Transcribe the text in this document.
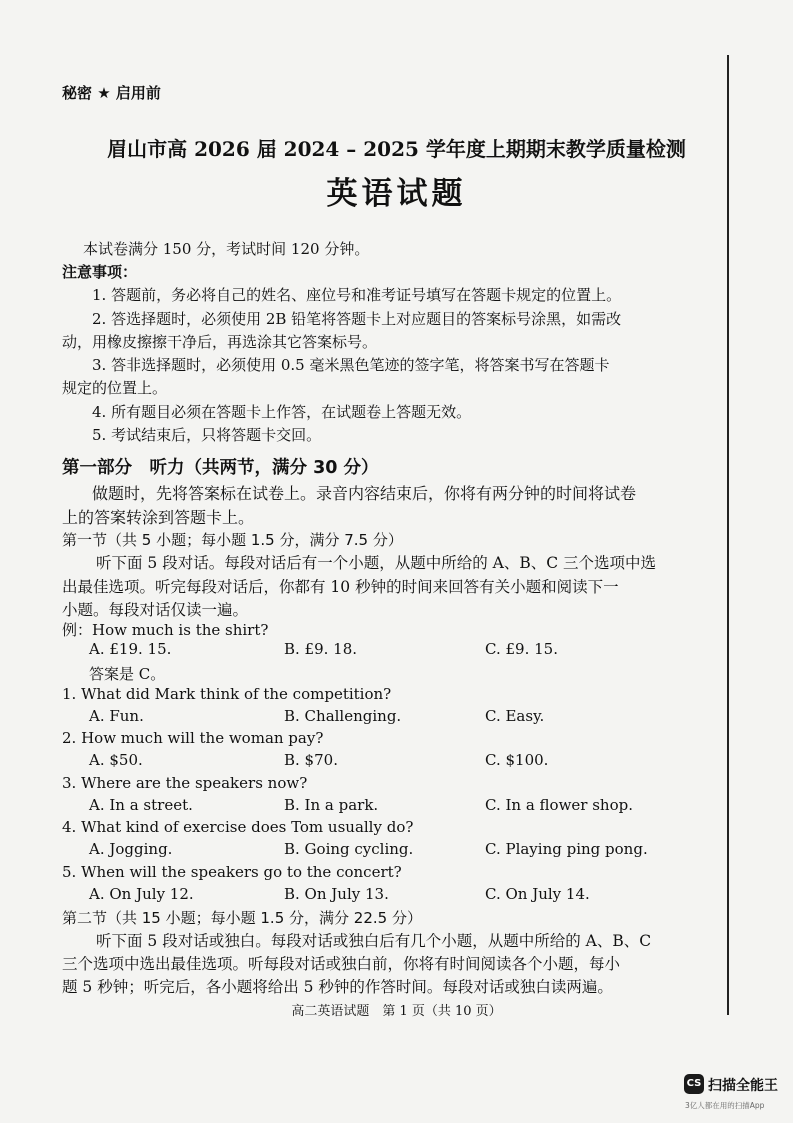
秘密 ★ 启用前
眉山市高 2026 届 2024 – 2025 学年度上期期末教学质量检测
英语试题
本试卷满分 150 分，考试时间 120 分钟。
注意事项：
1. 答题前，务必将自己的姓名、座位号和准考证号填写在答题卡规定的位置上。
2. 答选择题时，必须使用 2B 铅笔将答题卡上对应题目的答案标号涂黑，如需改
动，用橡皮擦擦干净后，再选涂其它答案标号。
3. 答非选择题时，必须使用 0.5 毫米黑色笔迹的签字笔，将答案书写在答题卡
规定的位置上。
4. 所有题目必须在答题卡上作答，在试题卷上答题无效。
5. 考试结束后，只将答题卡交回。
第一部分　听力（共两节，满分 30 分）
做题时，先将答案标在试卷上。录音内容结束后，你将有两分钟的时间将试卷
上的答案转涂到答题卡上。
第一节（共 5 小题；每小题 1.5 分，满分 7.5 分）
听下面 5 段对话。每段对话后有一个小题，从题中所给的 A、B、C 三个选项中选
出最佳选项。听完每段对话后，你都有 10 秒钟的时间来回答有关小题和阅读下一
小题。每段对话仅读一遍。
例：How much is the shirt?
A. £19. 15.	B. £9. 18.	C. £9. 15.
答案是 C。
1. What did Mark think of the competition?
A. Fun.	B. Challenging.	C. Easy.
2. How much will the woman pay?
A. $50.	B. $70.	C. $100.
3. Where are the speakers now?
A. In a street.	B. In a park.	C. In a flower shop.
4. What kind of exercise does Tom usually do?
A. Jogging.	B. Going cycling.	C. Playing ping pong.
5. When will the speakers go to the concert?
A. On July 12.	B. On July 13.	C. On July 14.
第二节（共 15 小题；每小题 1.5 分，满分 22.5 分）
听下面 5 段对话或独白。每段对话或独白后有几个小题，从题中所给的 A、B、C
三个选项中选出最佳选项。听每段对话或独白前，你将有时间阅读各个小题，每小
题 5 秒钟；听完后，各小题将给出 5 秒钟的作答时间。每段对话或独白读两遍。
高二英语试题　第 1 页（共 10 页）
CS 扫描全能王
3亿人都在用的扫描App
